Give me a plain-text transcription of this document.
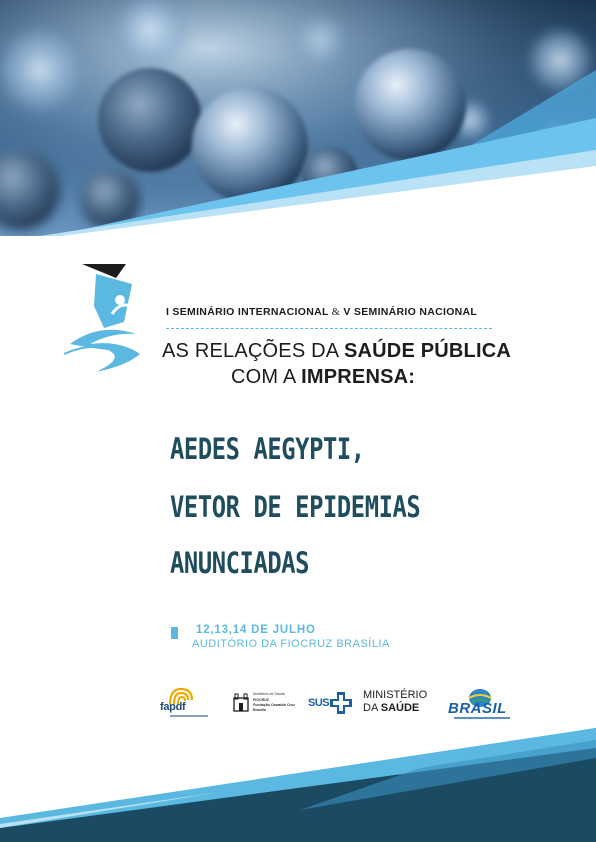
I SEMINÁRIO INTERNACIONAL & V SEMINÁRIO NACIONAL
AS RELAÇÕES DA SAÚDE PÚBLICA
COM A IMPRENSA:
AEDES AEGYPTI,
VETOR DE EPIDEMIAS
ANUNCIADAS
12,13,14 DE JULHO
AUDITÓRIO DA FIOCRUZ BRASÍLIA
fapdf
Ministério da Saúde
FIOCRUZ
Fundação Oswaldo Cruz
Brasília
SUS
MINISTÉRIO
DA SAÚDE	BRASIL
